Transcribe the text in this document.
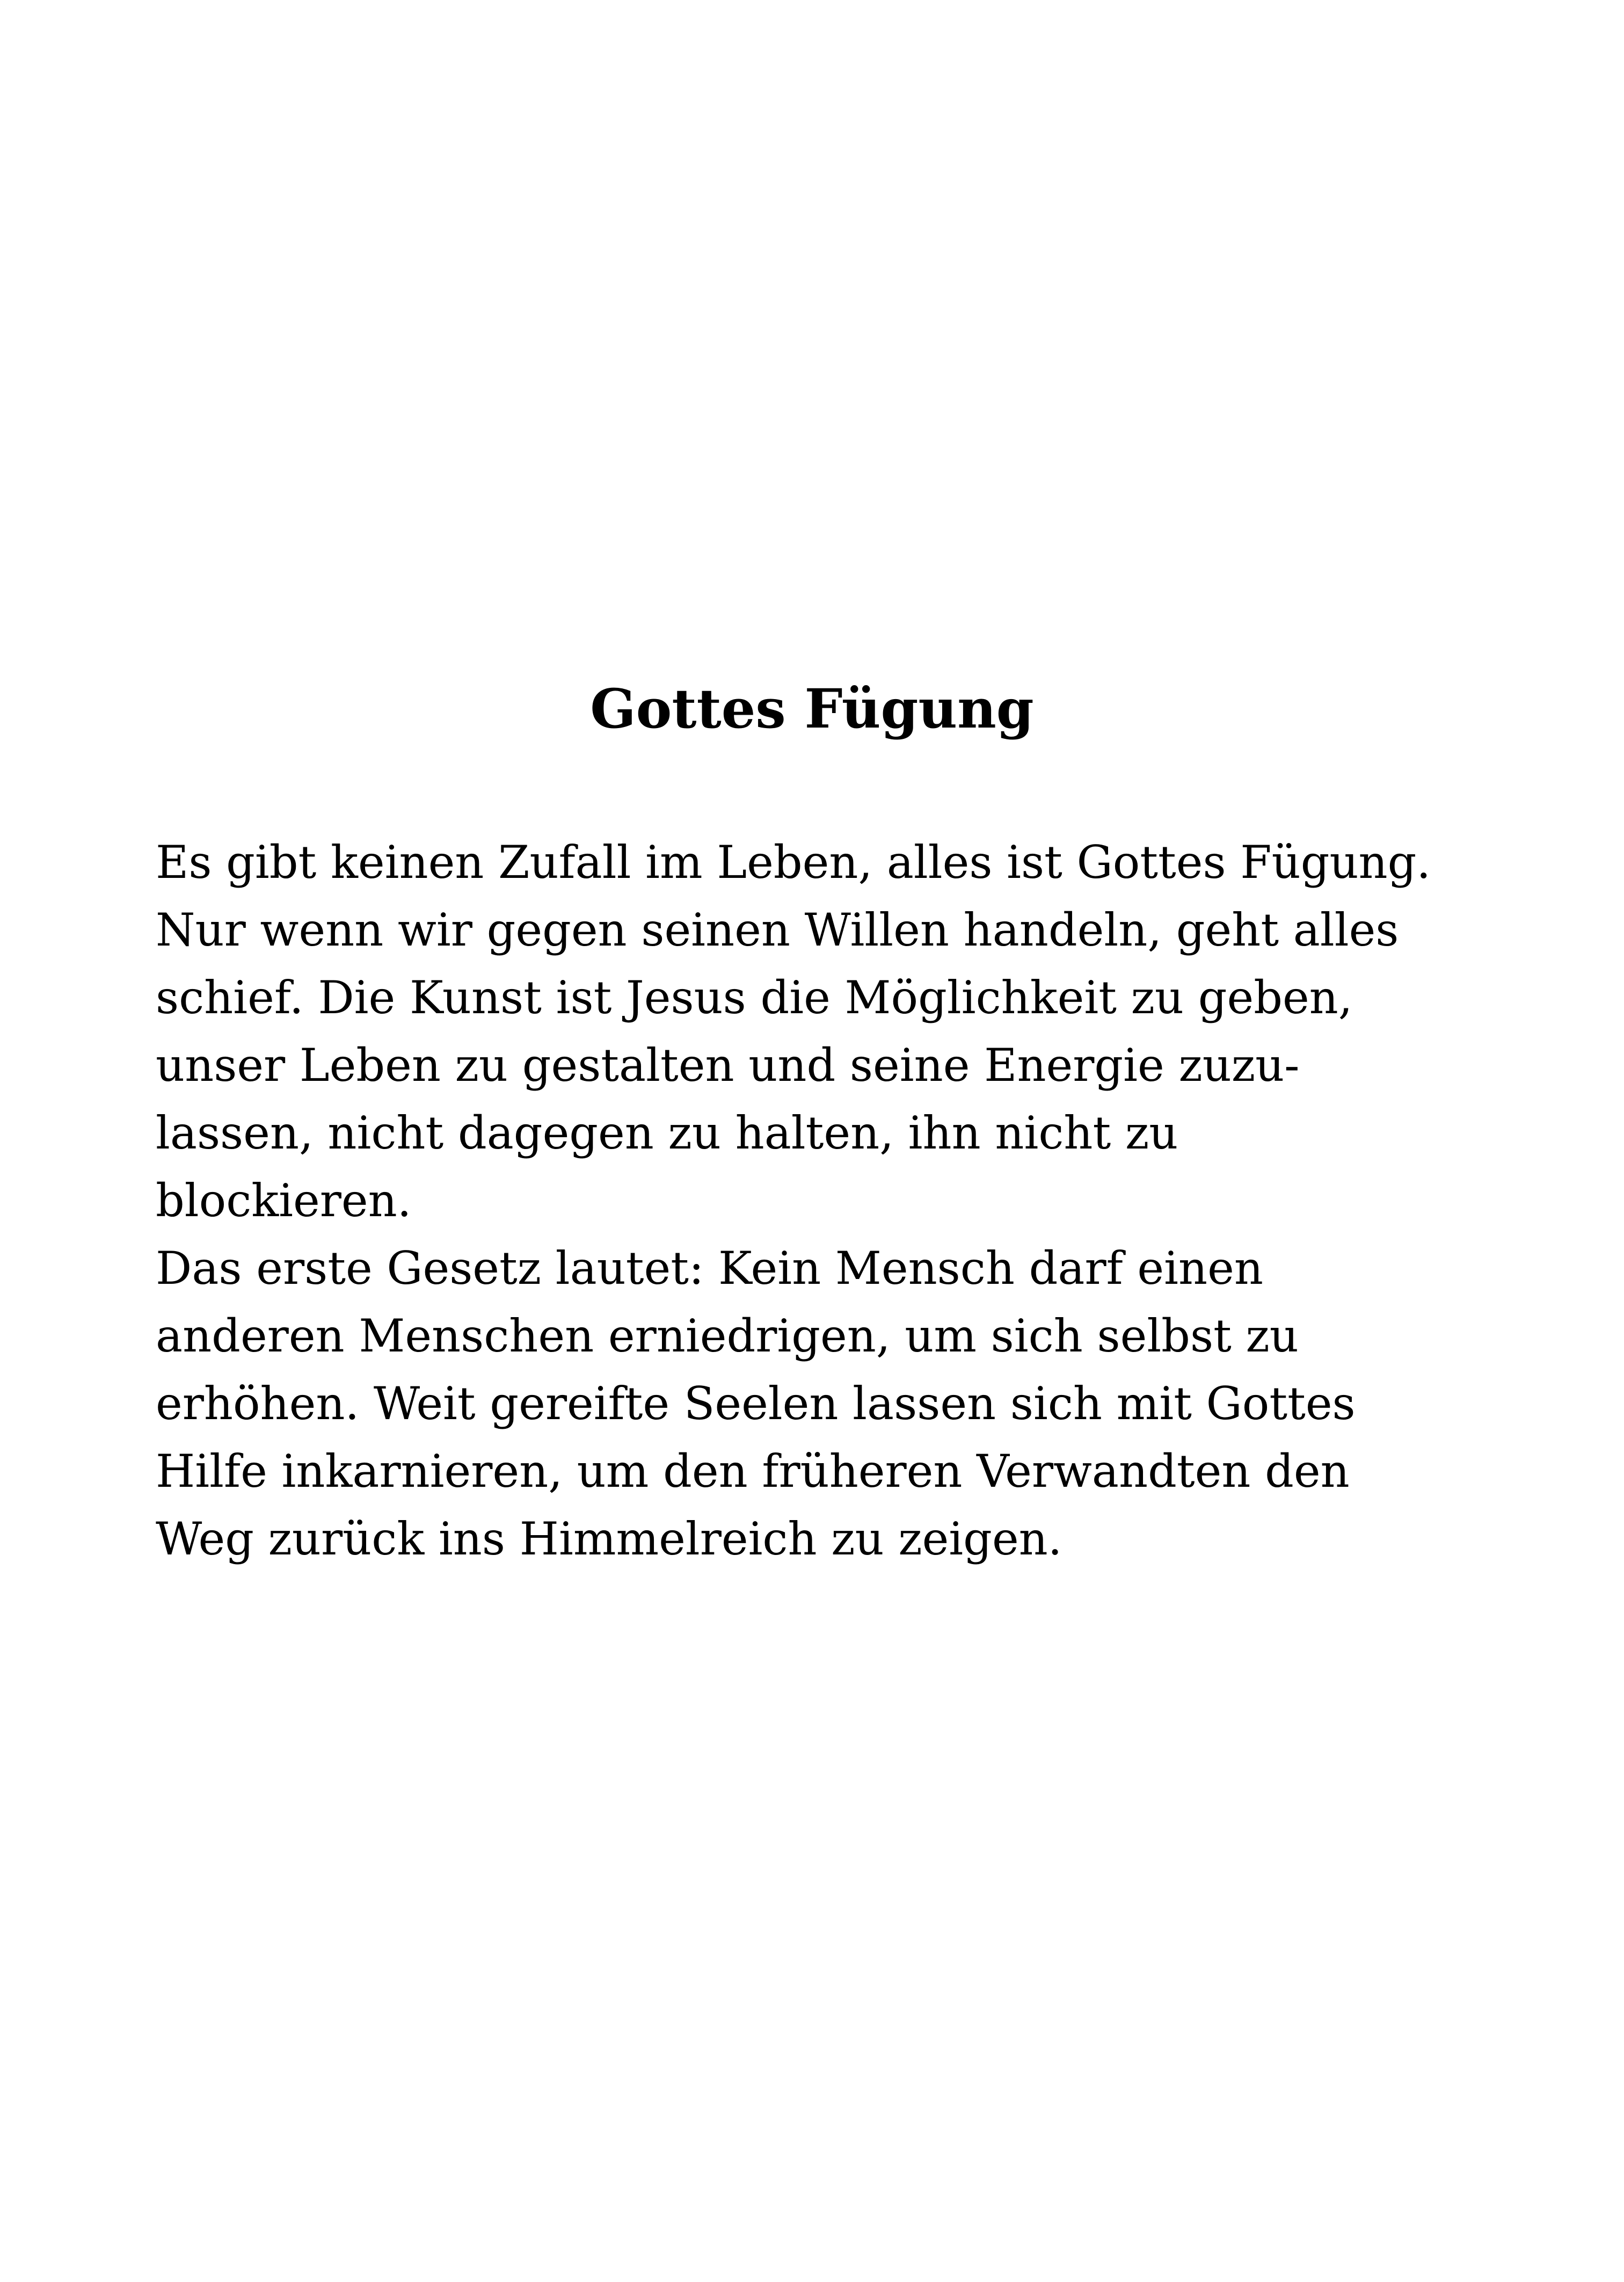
Gottes Fügung
Es gibt keinen Zufall im Leben, alles ist Gottes Fügung.
Nur wenn wir gegen seinen Willen handeln, geht alles
schief. Die Kunst ist Jesus die Möglichkeit zu geben,
unser Leben zu gestalten und seine Energie zuzu-
lassen, nicht dagegen zu halten, ihn nicht zu
blockieren.
Das erste Gesetz lautet: Kein Mensch darf einen
anderen Menschen erniedrigen, um sich selbst zu
erhöhen. Weit gereifte Seelen lassen sich mit Gottes
Hilfe inkarnieren, um den früheren Verwandten den
Weg zurück ins Himmelreich zu zeigen.
